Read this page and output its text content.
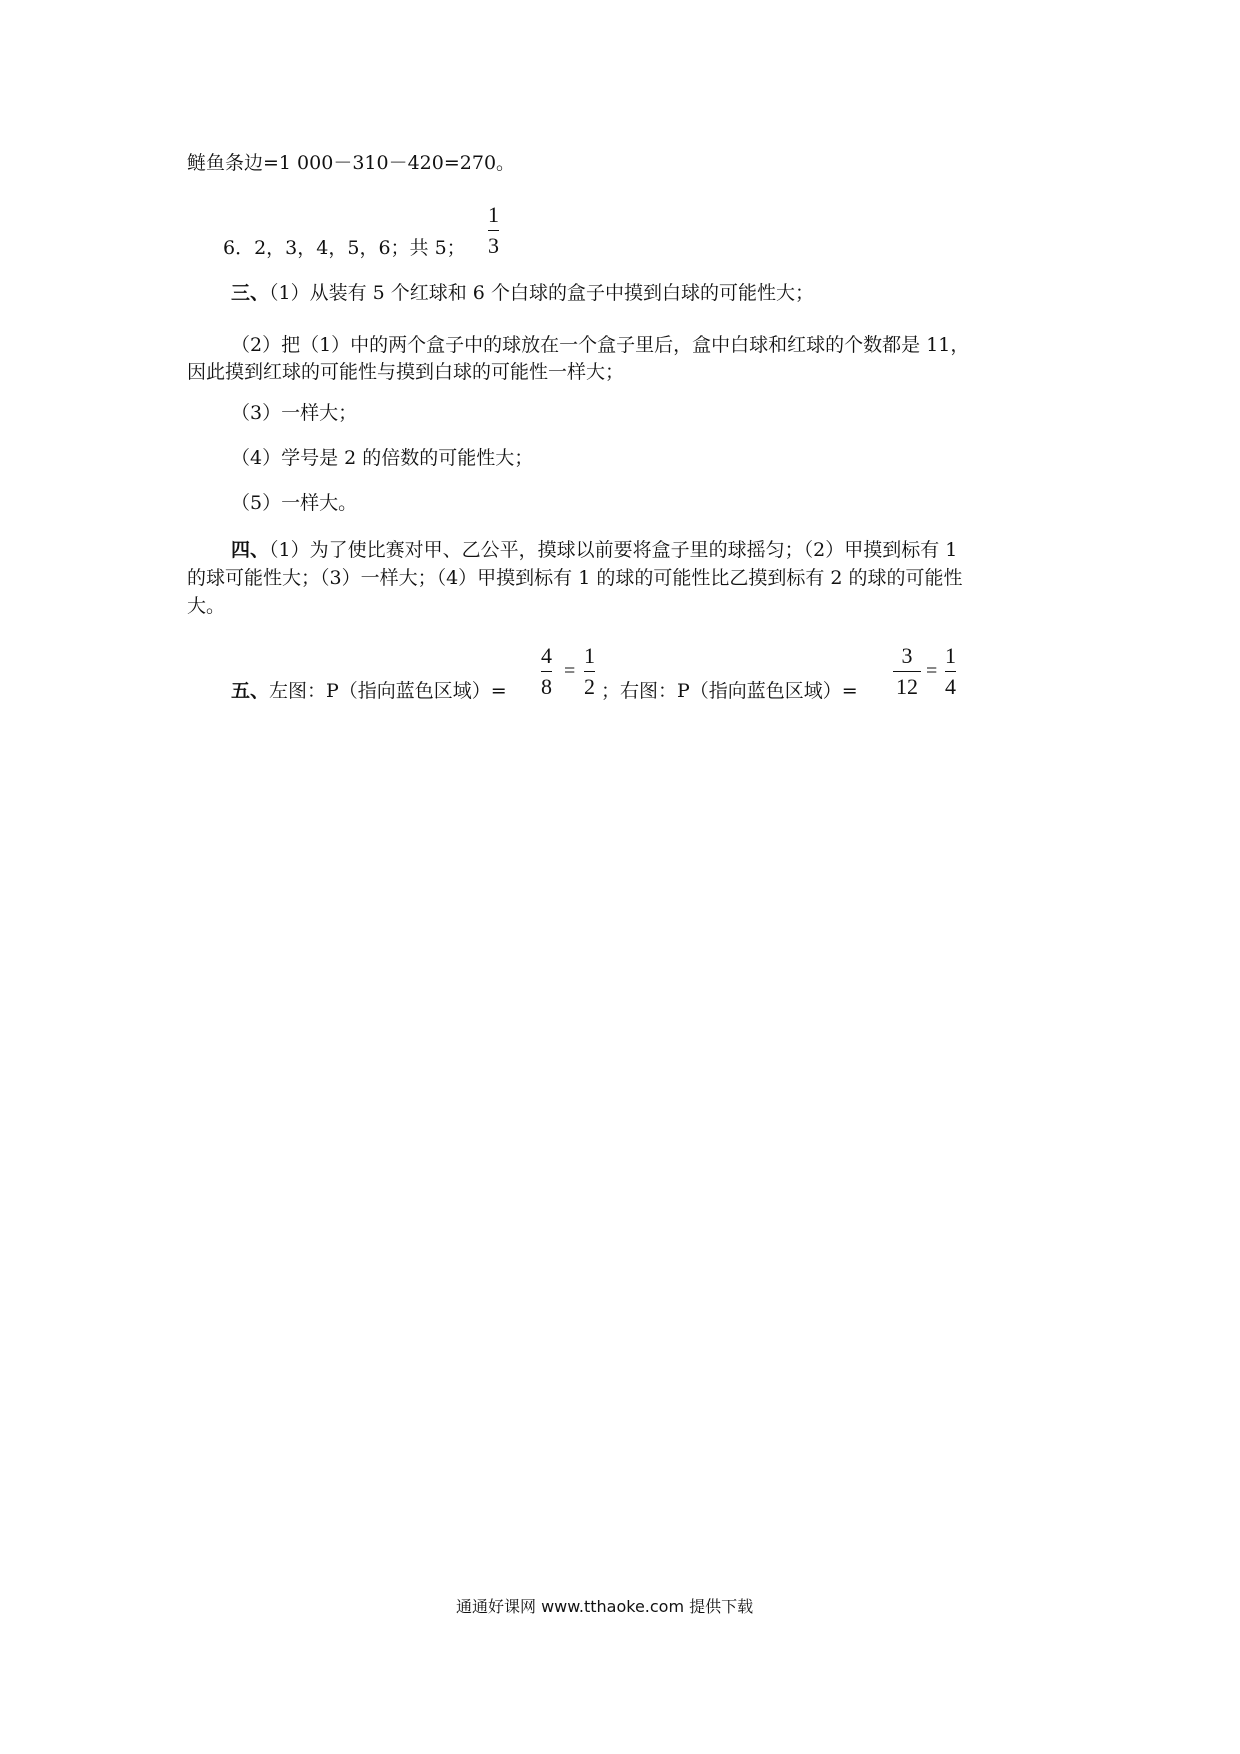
鲢鱼条边=1 000－310－420=270。
6．2，3，4，5，6；共 5；
1
3
三、（1）从装有 5 个红球和 6 个白球的盒子中摸到白球的可能性大；
（2）把（1）中的两个盒子中的球放在一个盒子里后，盒中白球和红球的个数都是 11，
因此摸到红球的可能性与摸到白球的可能性一样大；
（3）一样大；
（4）学号是 2 的倍数的可能性大；
（5）一样大。
四、（1）为了使比赛对甲、乙公平，摸球以前要将盒子里的球摇匀；（2）甲摸到标有 1
的球可能性大；（3）一样大；（4）甲摸到标有 1 的球的可能性比乙摸到标有 2 的球的可能性
大。
五、左图：P（指向蓝色区域）=
4
8
=
1
2 ；右图：P（指向蓝色区域）=
3
12
=
1
4
通通好课网 www.tthaoke.com 提供下载
